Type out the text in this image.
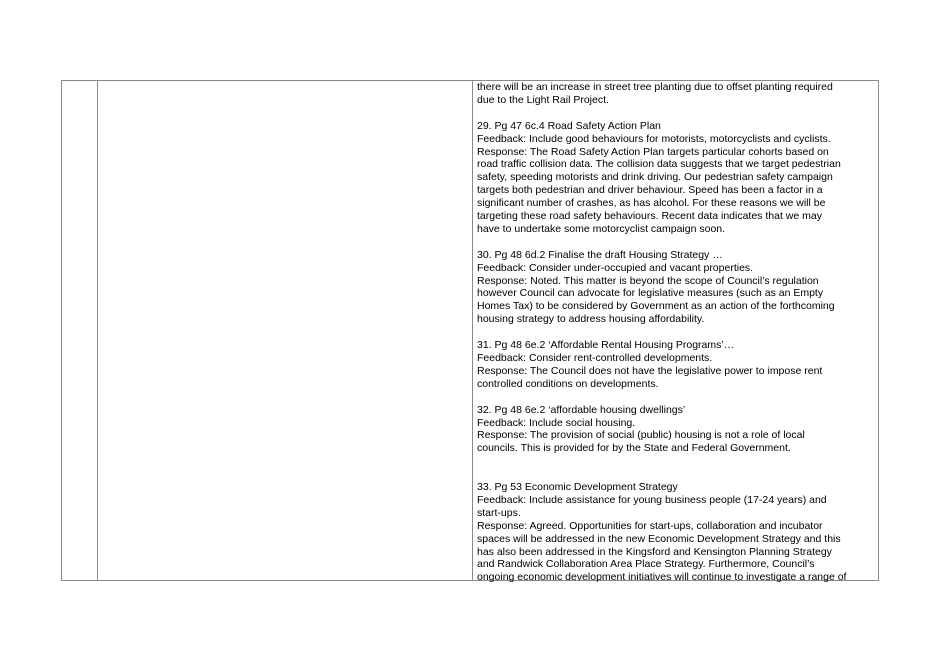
there will be an increase in street tree planting due to offset planting required

due to the Light Rail Project.

29. Pg 47 6c.4 Road Safety Action Plan

Feedback: Include good behaviours for motorists, motorcyclists and cyclists.

Response: The Road Safety Action Plan targets particular cohorts based on

road traffic collision data. The collision data suggests that we target pedestrian

safety, speeding motorists and drink driving. Our pedestrian safety campaign

targets both pedestrian and driver behaviour. Speed has been a factor in a

significant number of crashes, as has alcohol. For these reasons we will be

targeting these road safety behaviours. Recent data indicates that we may

have to undertake some motorcyclist campaign soon.

30. Pg 48 6d.2 Finalise the draft Housing Strategy …

Feedback: Consider under-occupied and vacant properties.

Response: Noted. This matter is beyond the scope of Council’s regulation

however Council can advocate for legislative measures (such as an Empty

Homes Tax) to be considered by Government as an action of the forthcoming

housing strategy to address housing affordability.

31. Pg 48 6e.2 ‘Affordable Rental Housing Programs’…

Feedback: Consider rent-controlled developments.

Response: The Council does not have the legislative power to impose rent

controlled conditions on developments.

32. Pg 48 6e.2 ‘affordable housing dwellings’

Feedback: Include social housing.

Response: The provision of social (public) housing is not a role of local

councils. This is provided for by the State and Federal Government.

33. Pg 53 Economic Development Strategy

Feedback: Include assistance for young business people (17-24 years) and

start-ups.

Response: Agreed. Opportunities for start-ups, collaboration and incubator

spaces will be addressed in the new Economic Development Strategy and this

has also been addressed in the Kingsford and Kensington Planning Strategy

and Randwick Collaboration Area Place Strategy. Furthermore, Council’s

ongoing economic development initiatives will continue to investigate a range of
